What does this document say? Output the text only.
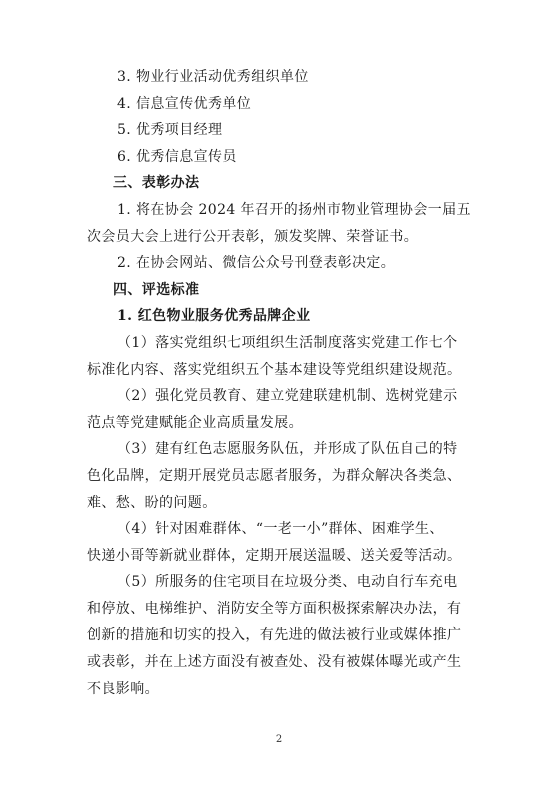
3. 物业行业活动优秀组织单位
4. 信息宣传优秀单位
5. 优秀项目经理
6. 优秀信息宣传员
三、表彰办法
1. 将在协会 2024 年召开的扬州市物业管理协会一届五
次会员大会上进行公开表彰，颁发奖牌、荣誉证书。
2. 在协会网站、微信公众号刊登表彰决定。
四、评选标准
1. 红色物业服务优秀品牌企业
（1）落实党组织七项组织生活制度落实党建工作七个
标准化内容、落实党组织五个基本建设等党组织建设规范。
（2）强化党员教育、建立党建联建机制、选树党建示
范点等党建赋能企业高质量发展。
（3）建有红色志愿服务队伍，并形成了队伍自己的特
色化品牌，定期开展党员志愿者服务，为群众解决各类急、
难、愁、盼的问题。
（4）针对困难群体、“一老一小”群体、困难学生、
快递小哥等新就业群体，定期开展送温暖、送关爱等活动。
（5）所服务的住宅项目在垃圾分类、电动自行车充电
和停放、电梯维护、消防安全等方面积极探索解决办法，有
创新的措施和切实的投入，有先进的做法被行业或媒体推广
或表彰，并在上述方面没有被查处、没有被媒体曝光或产生
不良影响。
2
